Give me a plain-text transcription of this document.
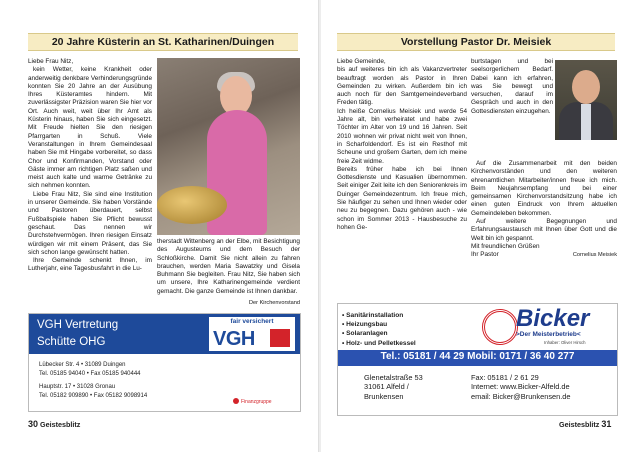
20 Jahre Küsterin an St. Katharinen/Duingen

Liebe Frau Nitz,

kein Wetter, keine Krankheit oder anderweitig denkbare Verhinderungsgründe konnten Sie 20 Jahre an der Ausübung Ihres Küsteramtes hindern. Mit zuverlässigster Präzision waren Sie hier vor Ort. Auch weit, weit über Ihr Amt als Küsterin hinaus, haben Sie sich eingesetzt. Mit Freude hielten Sie den riesigen Pfarrgarten in Schuß. Viele Veranstaltungen in Ihrem Gemeindesaal haben Sie mit Hingabe vorbereitet, so dass Chor und Konfirmanden, Vorstand oder Gäste immer am richtigen Platz saßen und meist auch kalte und warme Getränke zu sich nehmen konnten.

Liebe Frau Nitz, Sie sind eine Institution in unserer Gemeinde. Sie haben Vorstände und Pastoren überdauert, selbst Fußballspiele haben Sie Pflicht bewusst geschaut. Das nennen wir Durchstehvermögen. Ihren riesigen Einsatz würdigen wir mit einem Präsent, das Sie sich schon lange gewünscht hatten.

Ihre Gemeinde schenkt Ihnen, im Lutherjahr, eine Tagesbusfahrt in die Lu-

therstadt Wittenberg an der Elbe, mit Besichtigung des Augusteums und dem Besuch der Schloßkirche. Damit Sie nicht allein zu fahren brauchen, werden Maria Sawatzky und Gisela Buhmann Sie begleiten. Frau Nitz, Sie haben sich um unsere, Ihre Katharinengemeinde verdient gemacht. Die ganze Gemeinde ist Ihnen dankbar.

Der Kirchenvorstand
VGH Vertretung
Schütte OHG
fair versichert
VGH
Lübecker Str. 4 • 31089 Duingen
Tel. 05185 94040 • Fax 05185 940444
Hauptstr. 17 • 31028 Gronau
Tel. 05182 909890 • Fax 05182 9098914
Finanzgruppe
30 Geistesblitz
Vorstellung Pastor Dr. Meisiek

Liebe Gemeinde,

bis auf weiteres bin ich als Vakanzvertreter beauftragt worden als Pastor in Ihren Gemeinden zu wirken. Außerdem bin ich auch noch für den Samtgemeindeverband Freden tätig.

Ich heiße Cornelius Meisiek und werde 54 Jahre alt, bin verheiratet und habe zwei Töchter im Alter von 19 und 16 Jahren. Seit 2010 wohnen wir privat nicht weit von Ihnen, in Scharfoldendorf. Es ist ein Resthof mit Scheune und großem Garten, dem ich meine freie Zeit widme.

Bereits früher habe ich bei Ihnen Gottesdienste und Kasualien übernommen. Seit einiger Zeit leite ich den Seniorenkreis im Duinger Gemeindezentrum. Ich freue mich, Sie häufiger zu sehen und Ihnen wieder oder neu zu begegnen. Dazu gehören auch - wie schon im Sommer 2013 - Hausbesuche zu hohen Ge-

burtstagen und bei seelsorgerlichem Bedarf. Dabei kann ich erfahren, was Sie bewegt und versuchen, darauf im Gespräch und auch in den Gottesdiensten einzugehen.

Auf die Zusammenarbeit mit den beiden Kirchenvorständen und den weiteren ehrenamtlichen Mitarbeiter/innen freue ich mich. Beim Neujahrsempfang und bei einer gemeinsamen Kirchenvorstandsitzung habe ich einen guten Eindruck von Ihrem aktuellen Gemeindeleben bekommen.

Auf weitere Begegnungen und Erfahrungsaustausch mit Ihnen über Gott und die Welt bin ich gespannt.

Mit freundlichen Grüßen

Ihr Pastor	Cornelius Meisiek
Geistesblitz 31
• Sanitärinstallation
• Heizungsbau
• Solaranlagen
• Holz- und Pelletkessel
Bicker
>Der Meisterbetrieb<
Inhaber: Oliver Hirsch
Tel.: 05181 / 44 29 Mobil: 0171 / 36 40 277
Glenetalstraße 53
31061 Alfeld /
Brunkensen
Fax: 05181 / 2 61 29
Internet: www.Bicker-Alfeld.de
email: Bicker@Brunkensen.de
